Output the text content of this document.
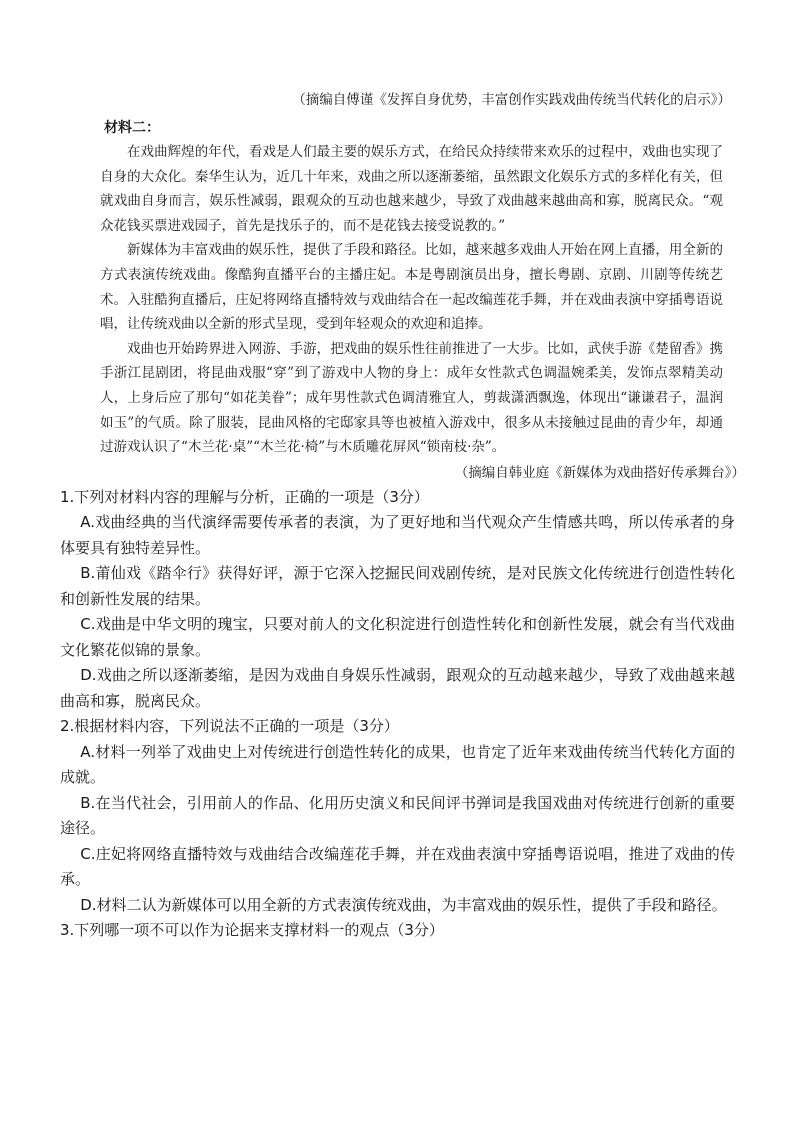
（摘编自傅谨《发挥自身优势，丰富创作实践戏曲传统当代转化的启示》）

材料二：

在戏曲辉煌的年代，看戏是人们最主要的娱乐方式，在给民众持续带来欢乐的过程中，戏曲也实现了自身的大众化。秦华生认为，近几十年来，戏曲之所以逐渐萎缩，虽然跟文化娱乐方式的多样化有关，但就戏曲自身而言，娱乐性减弱，跟观众的互动也越来越少，导致了戏曲越来越曲高和寡，脱离民众。“观众花钱买票进戏园子，首先是找乐子的，而不是花钱去接受说教的。”

新媒体为丰富戏曲的娱乐性，提供了手段和路径。比如，越来越多戏曲人开始在网上直播，用全新的方式表演传统戏曲。像酷狗直播平台的主播庄妃。本是粤剧演员出身，擅长粤剧、京剧、川剧等传统艺术。入驻酷狗直播后，庄妃将网络直播特效与戏曲结合在一起改编莲花手舞，并在戏曲表演中穿插粤语说唱，让传统戏曲以全新的形式呈现，受到年轻观众的欢迎和追捧。

戏曲也开始跨界进入网游、手游，把戏曲的娱乐性往前推进了一大步。比如，武侠手游《楚留香》携手浙江昆剧团，将昆曲戏服“穿”到了游戏中人物的身上：成年女性款式色调温婉柔美，发饰点翠精美动人，上身后应了那句“如花美眷”；成年男性款式色调清雅宜人，剪裁潇洒飘逸，体现出“谦谦君子，温润如玉”的气质。除了服装，昆曲风格的宅邸家具等也被植入游戏中，很多从未接触过昆曲的青少年，却通过游戏认识了“木兰花·桌”“木兰花·椅”与木质雕花屏风“锁南枝·杂”。

（摘编自韩业庭《新媒体为戏曲搭好传承舞台》）

1.下列对材料内容的理解与分析，正确的一项是（3分）

A.戏曲经典的当代演绎需要传承者的表演，为了更好地和当代观众产生情感共鸣，所以传承者的身体要具有独特差异性。

B.莆仙戏《踏伞行》获得好评，源于它深入挖掘民间戏剧传统，是对民族文化传统进行创造性转化和创新性发展的结果。

C.戏曲是中华文明的瑰宝，只要对前人的文化积淀进行创造性转化和创新性发展，就会有当代戏曲文化繁花似锦的景象。

D.戏曲之所以逐渐萎缩，是因为戏曲自身娱乐性减弱，跟观众的互动越来越少，导致了戏曲越来越曲高和寡，脱离民众。

2.根据材料内容，下列说法不正确的一项是（3分）

A.材料一列举了戏曲史上对传统进行创造性转化的成果，也肯定了近年来戏曲传统当代转化方面的成就。

B.在当代社会，引用前人的作品、化用历史演义和民间评书弹词是我国戏曲对传统进行创新的重要途径。

C.庄妃将网络直播特效与戏曲结合改编莲花手舞，并在戏曲表演中穿插粤语说唱，推进了戏曲的传承。

D.材料二认为新媒体可以用全新的方式表演传统戏曲，为丰富戏曲的娱乐性，提供了手段和路径。

3.下列哪一项不可以作为论据来支撑材料一的观点（3分）
